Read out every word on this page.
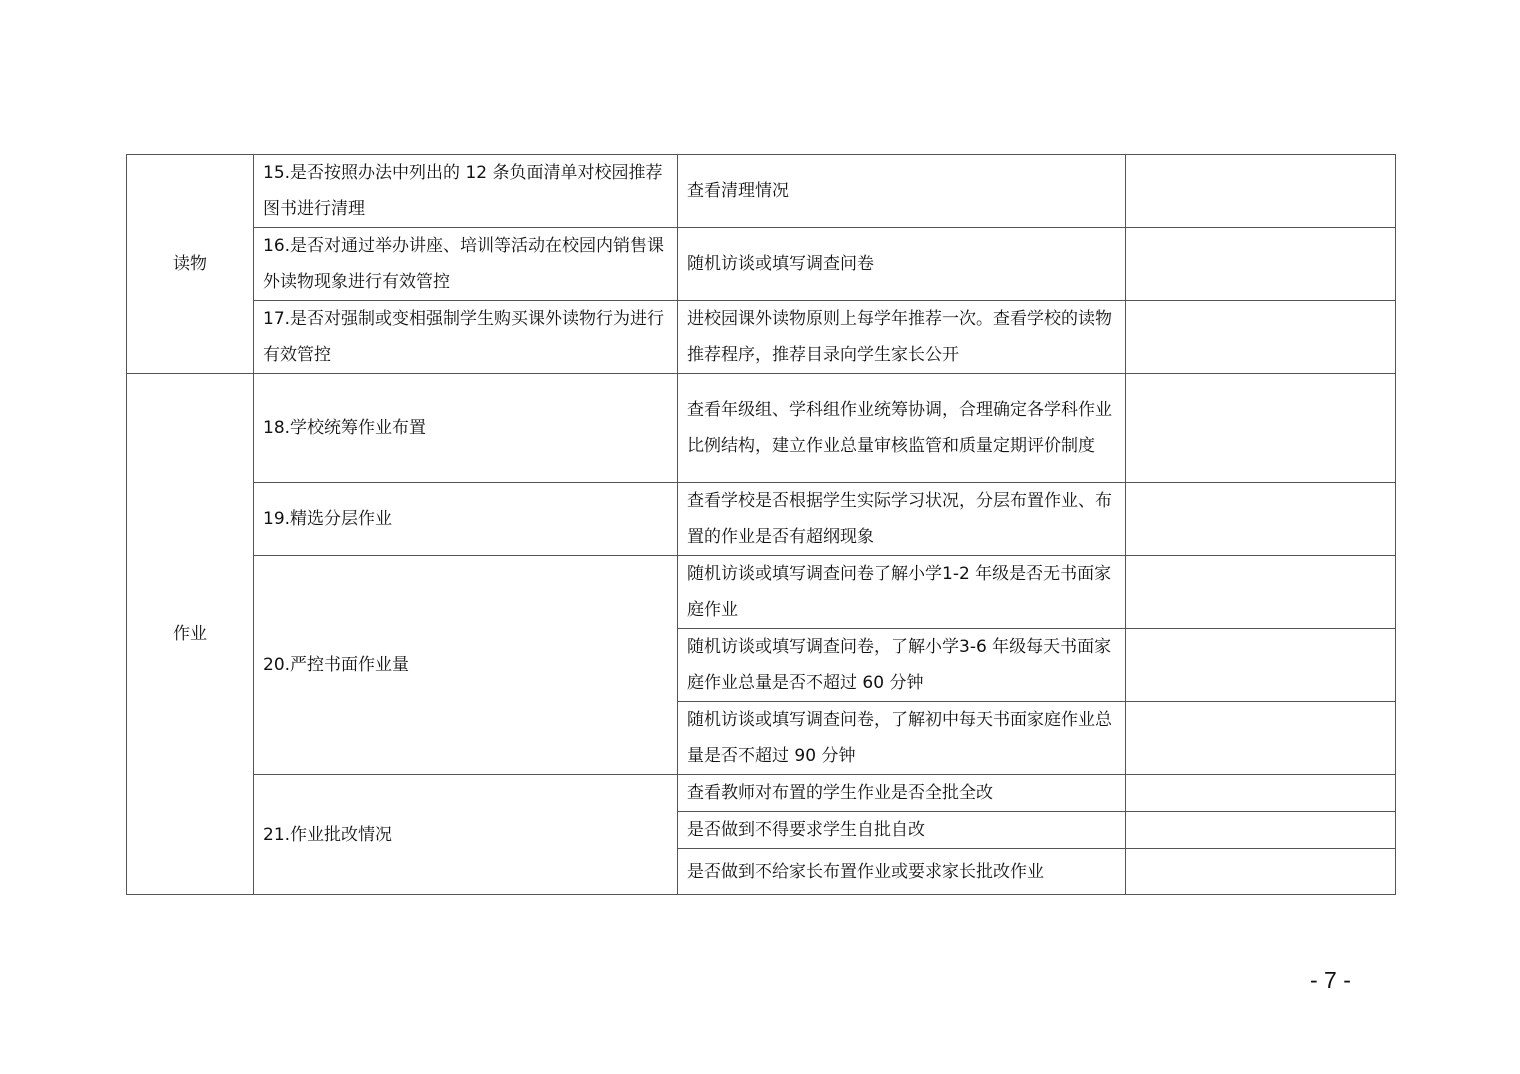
读物	15.是否按照办法中列出的 12 条负面清单对校园推荐图书进行清理	查看清理情况	
	16.是否对通过举办讲座、培训等活动在校园内销售课外读物现象进行有效管控	随机访谈或填写调查问卷	
	17.是否对强制或变相强制学生购买课外读物行为进行有效管控	进校园课外读物原则上每学年推荐一次。查看学校的读物推荐程序，推荐目录向学生家长公开	
作业	18.学校统筹作业布置	查看年级组、学科组作业统筹协调，合理确定各学科作业比例结构，建立作业总量审核监管和质量定期评价制度	
	19.精选分层作业	查看学校是否根据学生实际学习状况，分层布置作业、布置的作业是否有超纲现象	
	20.严控书面作业量	随机访谈或填写调查问卷了解小学1-2 年级是否无书面家庭作业	
		随机访谈或填写调查问卷，了解小学3-6 年级每天书面家庭作业总量是否不超过 60 分钟	
		随机访谈或填写调查问卷，了解初中每天书面家庭作业总量是否不超过 90 分钟	
	21.作业批改情况	查看教师对布置的学生作业是否全批全改	
		是否做到不得要求学生自批自改	
		是否做到不给家长布置作业或要求家长批改作业	
- 7 -
